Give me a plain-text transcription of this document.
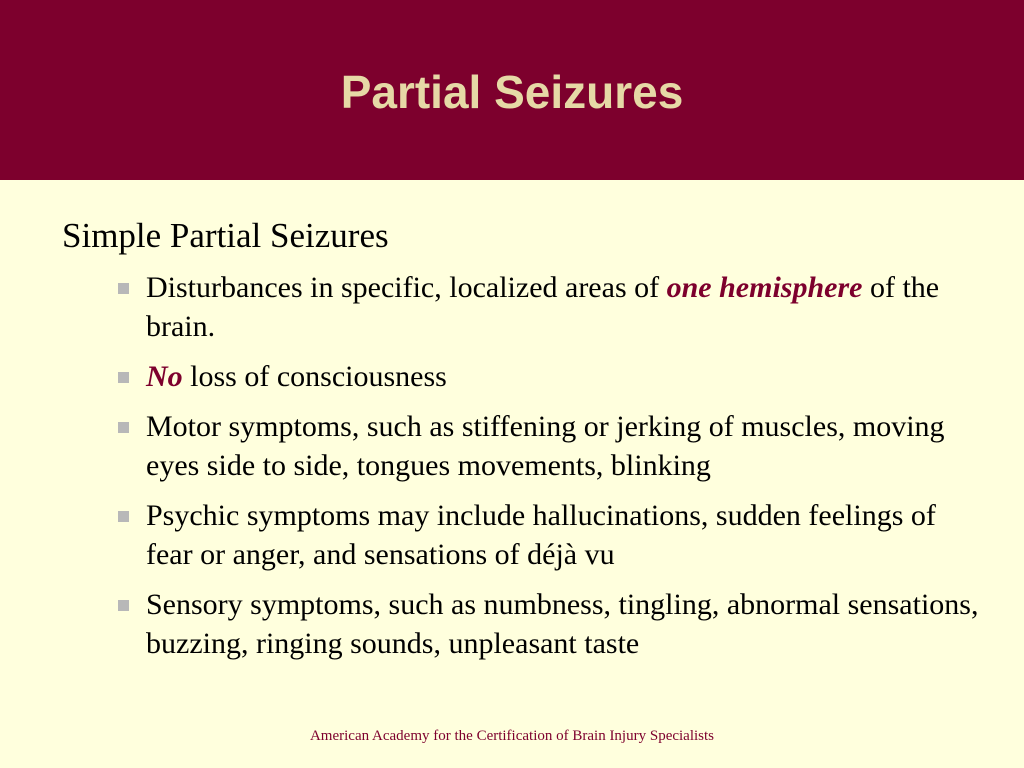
Partial Seizures
Simple Partial Seizures
Disturbances in specific, localized areas of one hemisphere of the brain.
No loss of consciousness
Motor symptoms, such as stiffening or jerking of muscles, moving eyes side to side, tongues movements, blinking
Psychic symptoms may include hallucinations, sudden feelings of fear or anger, and sensations of déjà vu
Sensory symptoms, such as numbness, tingling, abnormal sensations, buzzing, ringing sounds, unpleasant taste
American Academy for the Certification of Brain Injury Specialists
